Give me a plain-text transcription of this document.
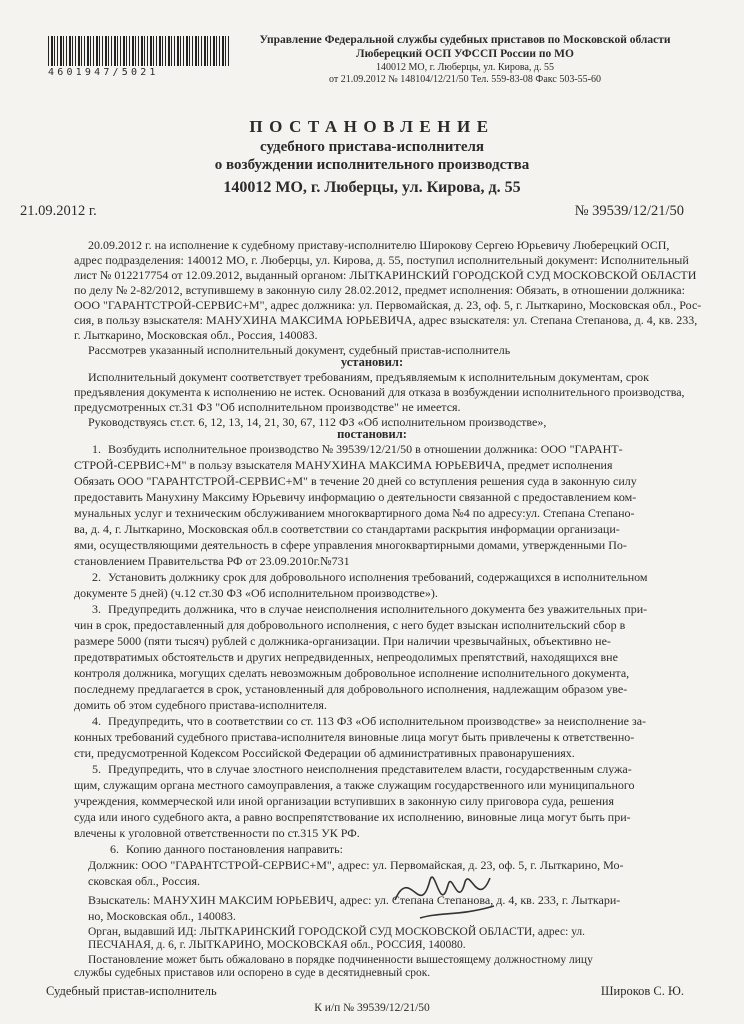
4601947/5021
Управление Федеральной службы судебных приставов по Московской области
Люберецкий ОСП УФССП России по МО
140012 МО, г. Люберцы, ул. Кирова, д. 55
от 21.09.2012 № 148104/12/21/50 Тел. 559-83-08 Факс 503-55-60
ПОСТАНОВЛЕНИЕ
судебного пристава-исполнителя
о возбуждении исполнительного производства
140012 МО, г. Люберцы, ул. Кирова, д. 55
21.09.2012 г.	№ 39539/12/21/50
20.09.2012 г. на исполнение к судебному приставу-исполнителю Широкову Сергею Юрьевичу Люберецкий ОСП,
адрес подразделения: 140012 МО, г. Люберцы, ул. Кирова, д. 55, поступил исполнительный документ: Исполнительный
лист № 012217754 от 12.09.2012, выданный органом: ЛЫТКАРИНСКИЙ ГОРОДСКОЙ СУД МОСКОВСКОЙ ОБЛАСТИ
по делу № 2-82/2012, вступившему в законную силу 28.02.2012, предмет исполнения: Обязать, в отношении должника:
ООО "ГАРАНТСТРОЙ-СЕРВИС+М", адрес должника: ул. Первомайская, д. 23, оф. 5, г. Лыткарино, Московская обл., Рос-
сия, в пользу взыскателя: МАНУХИНА МАКСИМА ЮРЬЕВИЧА, адрес взыскателя: ул. Степана Степанова, д. 4, кв. 233,
г. Лыткарино, Московская обл., Россия, 140083.
Рассмотрев указанный исполнительный документ, судебный пристав-исполнитель
установил:
Исполнительный документ соответствует требованиям, предъявляемым к исполнительным документам, срок
предъявления документа к исполнению не истек. Оснований для отказа в возбуждении исполнительного производства,
предусмотренных ст.31 ФЗ "Об исполнительном производстве" не имеется.
Руководствуясь ст.ст. 6, 12, 13, 14, 21, 30, 67, 112 ФЗ «Об исполнительном производстве»,
постановил:
1. Возбудить исполнительное производство № 39539/12/21/50 в отношении должника: ООО "ГАРАНТ-
СТРОЙ-СЕРВИС+М" в пользу взыскателя МАНУХИНА МАКСИМА ЮРЬЕВИЧА, предмет исполнения
Обязать ООО "ГАРАНТСТРОЙ-СЕРВИС+М" в течение 20 дней со вступления решения суда в законную силу
предоставить Манухину Максиму Юрьевичу информацию о деятельности связанной с предоставлением ком-
мунальных услуг и техническим обслуживанием многоквартирного дома №4 по адресу:ул. Степана Степано-
ва, д. 4, г. Лыткарино, Московская обл.в соответствии со стандартами раскрытия информации организаци-
ями, осуществляющими деятельность в сфере управления многоквартирными домами, утвержденными По-
становлением Правительства РФ от 23.09.2010г.№731
2. Установить должнику срок для добровольного исполнения требований, содержащихся в исполнительном
документе 5 дней) (ч.12 ст.30 ФЗ «Об исполнительном производстве»).
3. Предупредить должника, что в случае неисполнения исполнительного документа без уважительных при-
чин в срок, предоставленный для добровольного исполнения, с него будет взыскан исполнительский сбор в
размере 5000 (пяти тысяч) рублей с должника-организации. При наличии чрезвычайных, объективно не-
предотвратимых обстоятельств и других непредвиденных, непреодолимых препятствий, находящихся вне
контроля должника, могущих сделать невозможным добровольное исполнение исполнительного документа,
последнему предлагается в срок, установленный для добровольного исполнения, надлежащим образом уве-
домить об этом судебного пристава-исполнителя.
4. Предупредить, что в соответствии со ст. 113 ФЗ «Об исполнительном производстве» за неисполнение за-
конных требований судебного пристава-исполнителя виновные лица могут быть привлечены к ответственно-
сти, предусмотренной Кодексом Российской Федерации об административных правонарушениях.
5. Предупредить, что в случае злостного неисполнения представителем власти, государственным служа-
щим, служащим органа местного самоуправления, а также служащим государственного или муниципального
учреждения, коммерческой или иной организации вступивших в законную силу приговора суда, решения
суда или иного судебного акта, а равно воспрепятствование их исполнению, виновные лица могут быть при-
влечены к уголовной ответственности по ст.315 УК РФ.
6. Копию данного постановления направить:
Должник: ООО "ГАРАНТСТРОЙ-СЕРВИС+М", адрес: ул. Первомайская, д. 23, оф. 5, г. Лыткарино, Мо-
сковская обл., Россия.
Взыскатель: МАНУХИН МАКСИМ ЮРЬЕВИЧ, адрес: ул. Степана Степанова, д. 4, кв. 233, г. Лыткари-
но, Московская обл., 140083.
Орган, выдавший ИД: ЛЫТКАРИНСКИЙ ГОРОДСКОЙ СУД МОСКОВСКОЙ ОБЛАСТИ, адрес: ул.
ПЕСЧАНАЯ, д. 6, г. ЛЫТКАРИНО, МОСКОВСКАЯ обл., РОССИЯ, 140080.
Постановление может быть обжаловано в порядке подчиненности вышестоящему должностному лицу
службы судебных приставов или оспорено в суде в десятидневный срок.
Судебный пристав-исполнитель	Широков С. Ю.
К и/п № 39539/12/21/50
